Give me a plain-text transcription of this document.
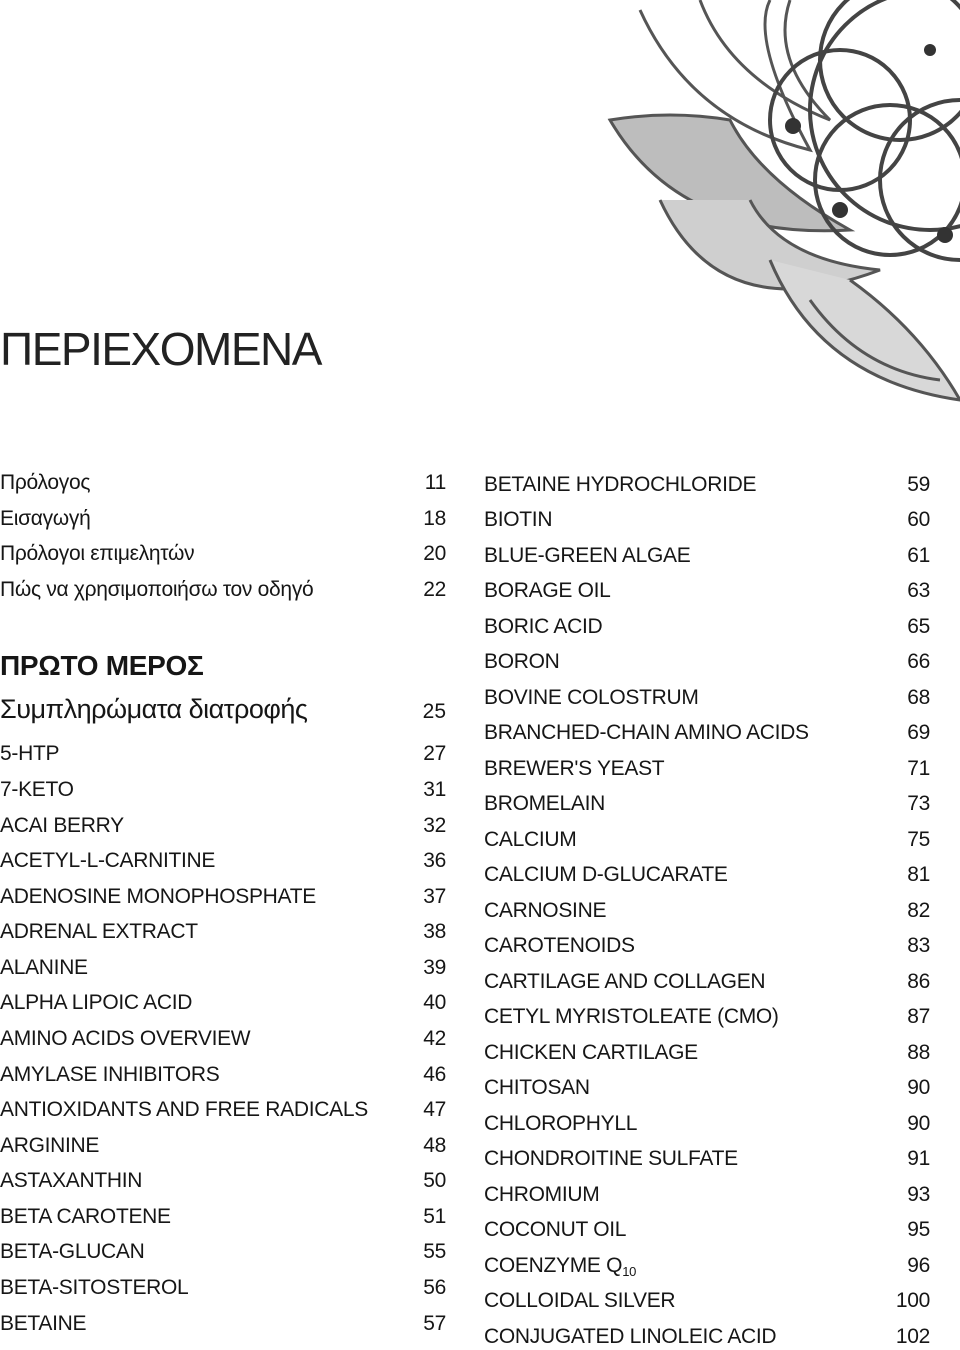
ΠΕΡΙΕΧΟΜΕΝΑ
Πρόλογος	11
Εισαγωγή	18
Πρόλογοι επιμελητών	20
Πώς να χρησιμοποιήσω τον οδηγό	22
ΠΡΩΤΟ ΜΕΡΟΣ
Συμπληρώματα διατροφής	25
5-HTP	27
7-KETO	31
ACAI BERRY	32
ACETYL-L-CARNITINE	36
ADENOSINE MONOPHOSPHATE	37
ADRENAL EXTRACT	38
ALANINE	39
ALPHA LIPOIC ACID	40
AMINO ACIDS OVERVIEW	42
AMYLASE INHIBITORS	46
ANTIOXIDANTS AND FREE RADICALS	47
ARGININE	48
ASTAXANTHIN	50
BETA CAROTENE	51
BETA-GLUCAN	55
BETA-SITOSTEROL	56
BETAINE	57
BETAINE HYDROCHLORIDE	59
BIOTIN	60
BLUE-GREEN ALGAE	61
BORAGE OIL	63
BORIC ACID	65
BORON	66
BOVINE COLOSTRUM	68
BRANCHED-CHAIN AMINO ACIDS	69
BREWER'S YEAST	71
BROMELAIN	73
CALCIUM	75
CALCIUM D-GLUCARATE	81
CARNOSINE	82
CAROTENOIDS	83
CARTILAGE AND COLLAGEN	86
CETYL MYRISTOLEATE (CMO)	87
CHICKEN CARTILAGE	88
CHITOSAN	90
CHLOROPHYLL	90
CHONDROITINE SULFATE	91
CHROMIUM	93
COCONUT OIL	95
COENZYME $Q_{10}$	96
COLLOIDAL SILVER	100
CONJUGATED LINOLEIC ACID	102
